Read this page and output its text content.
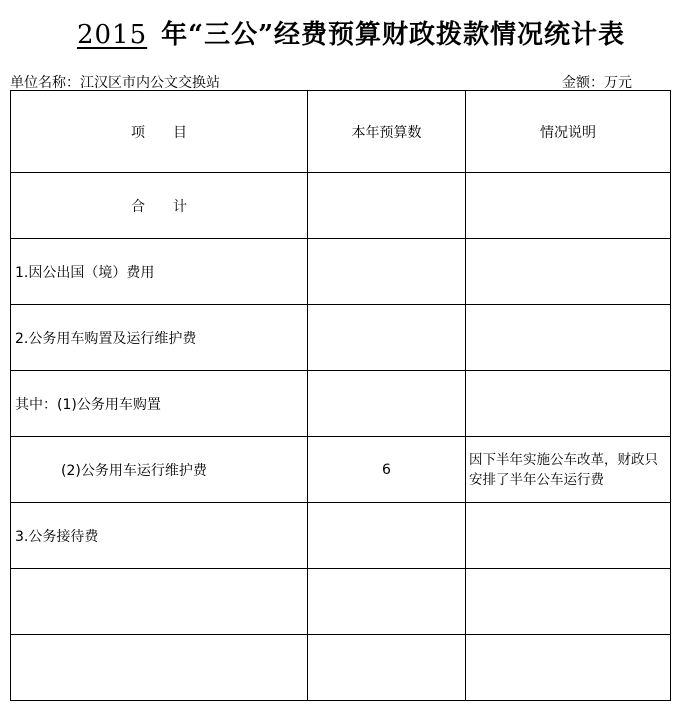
2015 年“三公”经费预算财政拨款情况统计表
单位名称：江汉区市内公文交换站	金额：万元
项　　目	本年预算数	情况说明
合　　计		
1.因公出国（境）费用		
2.公务用车购置及运行维护费		
其中：(1)公务用车购置		
(2)公务用车运行维护费	6	因下半年实施公车改革，财政只安排了半年公车运行费
3.公务接待费		
